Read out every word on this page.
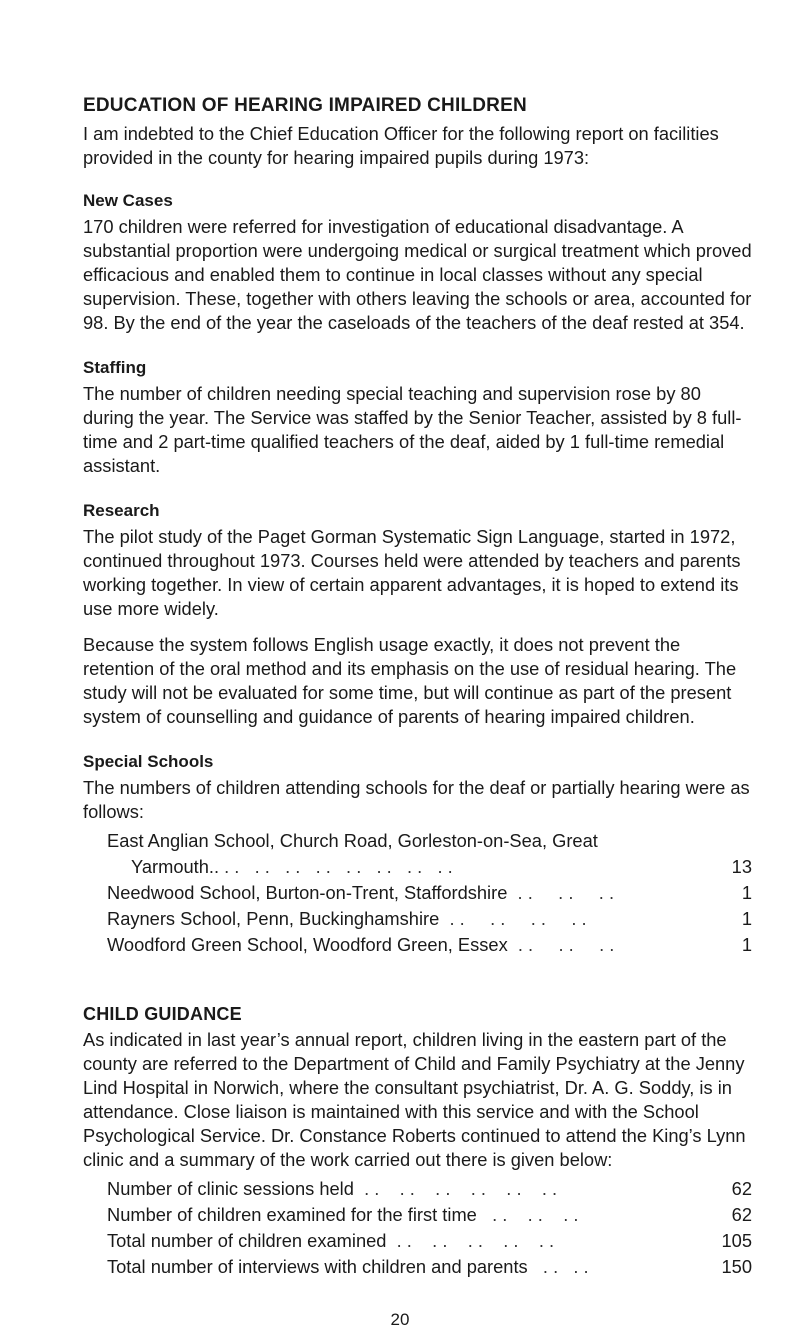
EDUCATION OF HEARING IMPAIRED CHILDREN

I am indebted to the Chief Education Officer for the following report on facilities provided in the county for hearing impaired pupils during 1973:

New Cases

170 children were referred for investigation of educational disadvantage. A substantial proportion were undergoing medical or surgical treatment which proved efficacious and enabled them to continue in local classes without any special supervision. These, together with others leaving the schools or area, accounted for 98. By the end of the year the caseloads of the teachers of the deaf rested at 354.

Staffing

The number of children needing special teaching and supervision rose by 80 during the year. The Service was staffed by the Senior Teacher, assisted by 8 full-time and 2 part-time qualified teachers of the deaf, aided by 1 full-time remedial assistant.

Research

The pilot study of the Paget Gorman Systematic Sign Language, started in 1972, continued throughout 1973. Courses held were attended by teachers and parents working together. In view of certain apparent advantages, it is hoped to extend its use more widely.

Because the system follows English usage exactly, it does not prevent the retention of the oral method and its emphasis on the use of residual hearing. The study will not be evaluated for some time, but will continue as part of the present system of counselling and guidance of parents of hearing impaired children.

Special Schools

The numbers of children attending schools for the deaf or partially hearing were as follows:

East Anglian School, Church Road, Gorleston-on-Sea, Great
Yarmouth.. . .   . .   . .   . .   . .   . .   . .   . .	13
Needwood School, Burton-on-Trent, Staffordshire . .     . .     . .	1
Rayners School, Penn, Buckinghamshire . .     . .     . .     . .	1
Woodford Green School, Woodford Green, Essex . .     . .     . .	1
CHILD GUIDANCE

As indicated in last year’s annual report, children living in the eastern part of the county are referred to the Department of Child and Family Psychiatry at the Jenny Lind Hospital in Norwich, where the consultant psychiatrist, Dr. A. G. Soddy, is in attendance. Close liaison is maintained with this service and with the School Psychological Service. Dr. Constance Roberts continued to attend the King’s Lynn clinic and a summary of the work carried out there is given below:

Number of clinic sessions held . .    . .    . .    . .    . .    . .	62
Number of children examined for the first time . .    . .    . .	62
Total number of children examined . .    . .    . .    . .    . .	105
Total number of interviews with children and parents . .   . .	150
20
